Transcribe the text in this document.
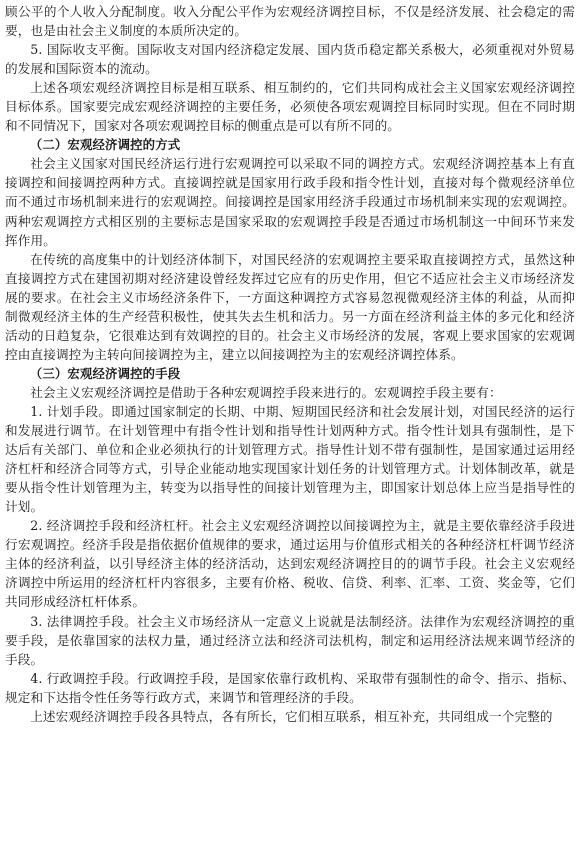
顾公平的个人收入分配制度。收入分配公平作为宏观经济调控目标，不仅是经济发展、社会稳定的需要，也是由社会主义制度的本质所决定的。

5. 国际收支平衡。国际收支对国内经济稳定发展、国内货币稳定都关系极大，必须重视对外贸易的发展和国际资本的流动。

上述各项宏观经济调控目标是相互联系、相互制约的，它们共同构成社会主义国家宏观经济调控目标体系。国家要完成宏观经济调控的主要任务，必须使各项宏观调控目标同时实现。但在不同时期和不同情况下，国家对各项宏观调控目标的侧重点是可以有所不同的。

（二）宏观经济调控的方式

社会主义国家对国民经济运行进行宏观调控可以采取不同的调控方式。宏观经济调控基本上有直接调控和间接调控两种方式。直接调控就是国家用行政手段和指令性计划，直接对每个微观经济单位而不通过市场机制来进行的宏观调控。间接调控是国家用经济手段通过市场机制来实现的宏观调控。两种宏观调控方式相区别的主要标志是国家采取的宏观调控手段是否通过市场机制这一中间环节来发挥作用。

在传统的高度集中的计划经济体制下，对国民经济的宏观调控主要采取直接调控方式，虽然这种直接调控方式在建国初期对经济建设曾经发挥过它应有的历史作用，但它不适应社会主义市场经济发展的要求。在社会主义市场经济条件下，一方面这种调控方式容易忽视微观经济主体的利益，从而抑制微观经济主体的生产经营积极性，使其失去生机和活力。另一方面在经济利益主体的多元化和经济活动的日趋复杂，它很难达到有效调控的目的。社会主义市场经济的发展，客观上要求国家的宏观调控由直接调控为主转向间接调控为主，建立以间接调控为主的宏观经济调控体系。

（三）宏观经济调控的手段

社会主义宏观经济调控是借助于各种宏观调控手段来进行的。宏观调控手段主要有：

1. 计划手段。即通过国家制定的长期、中期、短期国民经济和社会发展计划，对国民经济的运行和发展进行调节。在计划管理中有指令性计划和指导性计划两种方式。指令性计划具有强制性，是下达后有关部门、单位和企业必须执行的计划管理方式。指导性计划不带有强制性，是国家通过运用经济杠杆和经济合同等方式，引导企业能动地实现国家计划任务的计划管理方式。计划体制改革，就是要从指令性计划管理为主，转变为以指导性的间接计划管理为主，即国家计划总体上应当是指导性的计划。

2. 经济调控手段和经济杠杆。社会主义宏观经济调控以间接调控为主，就是主要依靠经济手段进行宏观调控。经济手段是指依据价值规律的要求，通过运用与价值形式相关的各种经济杠杆调节经济主体的经济利益，以引导经济主体的经济活动，达到宏观经济调控目的的调节手段。社会主义宏观经济调控中所运用的经济杠杆内容很多，主要有价格、税收、信贷、利率、汇率、工资、奖金等，它们共同形成经济杠杆体系。

3. 法律调控手段。社会主义市场经济从一定意义上说就是法制经济。法律作为宏观经济调控的重要手段，是依靠国家的法权力量，通过经济立法和经济司法机构，制定和运用经济法规来调节经济的手段。

4. 行政调控手段。行政调控手段，是国家依靠行政机构、采取带有强制性的命令、指示、指标、规定和下达指令性任务等行政方式，来调节和管理经济的手段。

上述宏观经济调控手段各具特点，各有所长，它们相互联系，相互补充，共同组成一个完整的
